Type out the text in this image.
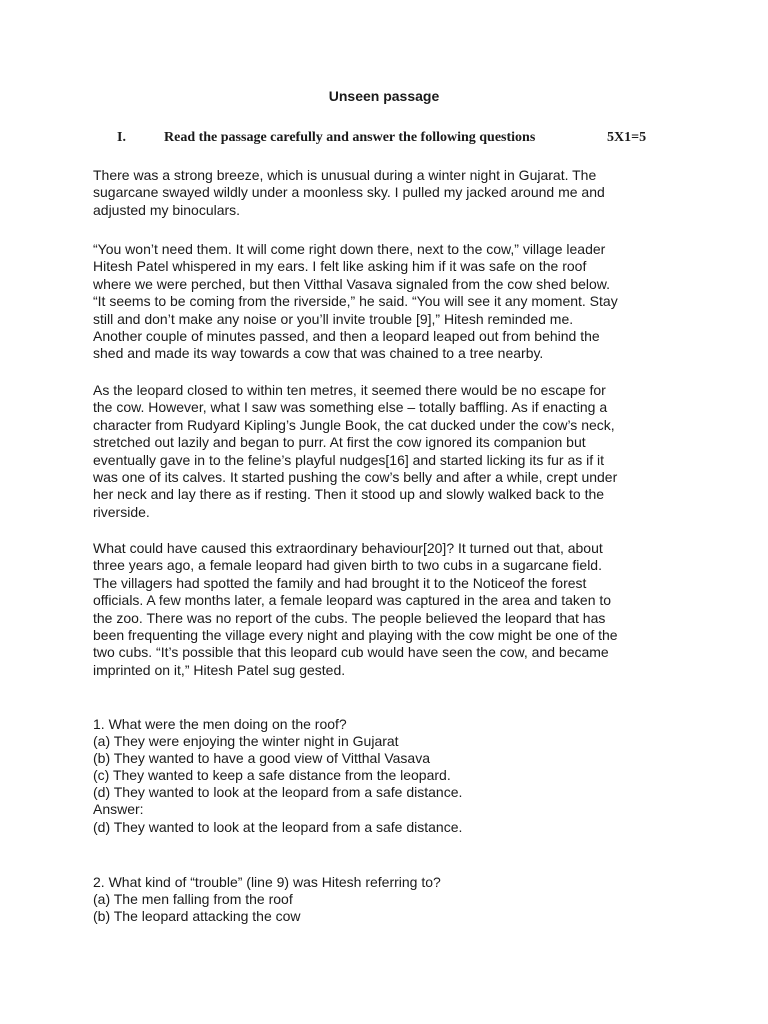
Unseen passage
I.	Read the passage carefully and answer the following questions	5X1=5

There was a strong breeze, which is unusual during a winter night in Gujarat. The
sugarcane swayed wildly under a moonless sky. I pulled my jacked around me and
adjusted my binoculars.

“You won’t need them. It will come right down there, next to the cow,” village leader
Hitesh Patel whispered in my ears. I felt like asking him if it was safe on the roof
where we were perched, but then Vitthal Vasava signaled from the cow shed below.
“It seems to be coming from the riverside,” he said. “You will see it any moment. Stay
still and don’t make any noise or you’ll invite trouble [9],” Hitesh reminded me.
Another couple of minutes passed, and then a leopard leaped out from behind the
shed and made its way towards a cow that was chained to a tree nearby.

As the leopard closed to within ten metres, it seemed there would be no escape for
the cow. However, what I saw was something else – totally baffling. As if enacting a
character from Rudyard Kipling’s Jungle Book, the cat ducked under the cow’s neck,
stretched out lazily and began to purr. At first the cow ignored its companion but
eventually gave in to the feline’s playful nudges[16] and started licking its fur as if it
was one of its calves. It started pushing the cow’s belly and after a while, crept under
her neck and lay there as if resting. Then it stood up and slowly walked back to the
riverside.

What could have caused this extraordinary behaviour[20]? It turned out that, about
three years ago, a female leopard had given birth to two cubs in a sugarcane field.
The villagers had spotted the family and had brought it to the Noticeof the forest
officials. A few months later, a female leopard was captured in the area and taken to
the zoo. There was no report of the cubs. The people believed the leopard that has
been frequenting the village every night and playing with the cow might be one of the
two cubs. “It’s possible that this leopard cub would have seen the cow, and became
imprinted on it,” Hitesh Patel sug gested.

1. What were the men doing on the roof?
(a) They were enjoying the winter night in Gujarat
(b) They wanted to have a good view of Vitthal Vasava
(c) They wanted to keep a safe distance from the leopard.
(d) They wanted to look at the leopard from a safe distance.
Answer:
(d) They wanted to look at the leopard from a safe distance.
2. What kind of “trouble” (line 9) was Hitesh referring to?
(a) The men falling from the roof
(b) The leopard attacking the cow
